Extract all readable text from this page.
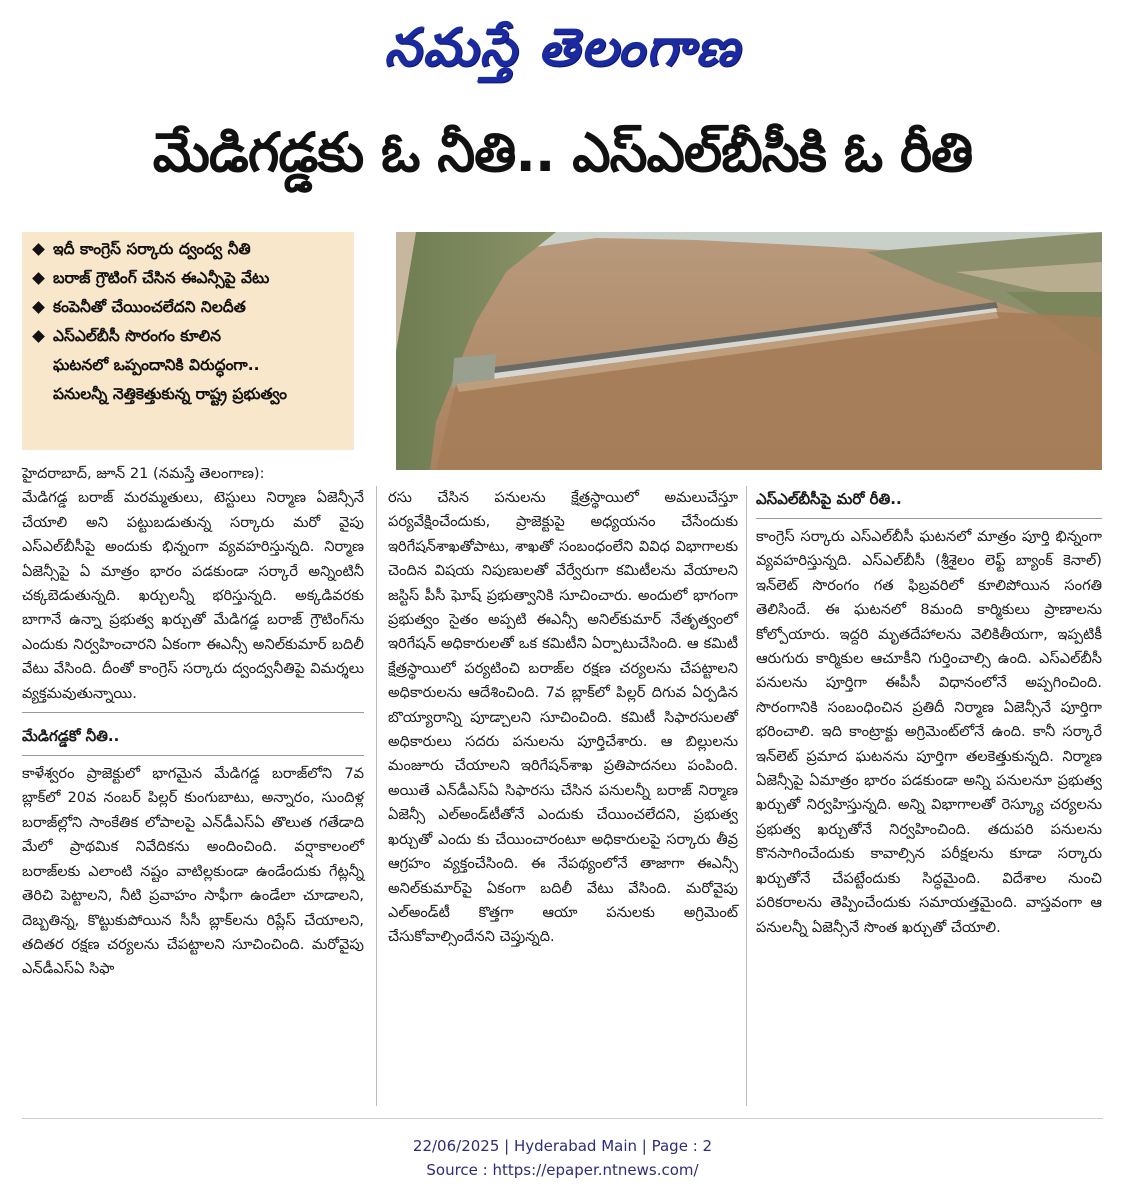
నమస్తే తెలంగాణ
మేడిగడ్డకు ఓ నీతి.. ఎస్ఎల్‌బీసీకి ఓ రీతి
ఇదీ కాంగ్రెస్‌ సర్కారు ద్వంద్వ నీతి
బరాజ్‌ గ్రౌటింగ్‌ చేసిన ఈఎన్సీపై వేటు
కంపెనీతో చేయించలేదని నిలదీత
ఎస్‌ఎల్‌బీసీ సొరంగం కూలిన
ఘటనలో ఒప్పందానికి విరుద్ధంగా..
పనులన్నీ నెత్తికెత్తుకున్న రాష్ట్ర ప్రభుత్వం

హైదరాబాద్‌, జూన్‌ 21 (నమస్తే తెలంగాణ):

మేడిగడ్డ బరాజ్‌ మరమ్మతులు, టెస్టులు నిర్మాణ ఏజెన్సీనే చేయాలి అని పట్టుబడుతున్న సర్కారు మరో వైపు ఎస్‌ఎల్‌బీసీపై అందుకు భిన్నంగా వ్యవహరిస్తున్నది. నిర్మాణ ఏజెన్సీపై ఏ మాత్రం భారం పడకుండా సర్కారే అన్నింటినీ చక్కబెడుతున్నది. ఖర్చులన్నీ భరిస్తున్నది. అక్కడివరకు బాగానే ఉన్నా ప్రభుత్వ ఖర్చుతో మేడిగడ్డ బరాజ్‌ గ్రౌటింగ్‌ను ఎందుకు నిర్వహించారని ఏకంగా ఈఎన్సీ అనిల్‌కుమార్‌ బదిలీ వేటు వేసింది. దీంతో కాంగ్రెస్‌ సర్కారు ద్వంద్వనీతిపై విమర్శలు వ్యక్తమవుతున్నాయి.

మేడిగడ్డకో నీతి..

కాళేశ్వరం ప్రాజెక్టులో భాగమైన మేడిగడ్డ బరాజ్‌లోని 7వ బ్లాక్‌లో 20వ నంబర్‌ పిల్లర్‌ కుంగుబాటు, అన్నారం, సుందిళ్ల బరాజ్‌ల్లోని సాంకేతిక లోపాలపై ఎన్‌డీఎస్‌ఏ తొలుత గతేడాది మేలో ప్రాథమిక నివేదికను అందించింది. వర్షాకాలంలో బరాజ్‌లకు ఎలాంటి నష్టం వాటిల్లకుండా ఉండేందుకు గేట్లన్నీ తెరిచి పెట్టాలని, నీటి ప్రవాహం సాఫీగా ఉండేలా చూడాలని, దెబ్బతిన్న, కొట్టుకుపోయిన సీసీ బ్లాక్‌లను రిప్లేస్‌ చేయాలని, తదితర రక్షణ చర్యలను చేపట్టాలని సూచించింది. మరోవైపు ఎన్‌డీఎస్‌ఏ సిఫా

రసు చేసిన పనులను క్షేత్రస్థాయిలో అమలుచేస్తూ పర్యవేక్షించేందుకు, ప్రాజెక్టుపై అధ్యయనం చేసేందుకు ఇరిగేషన్‌శాఖతోపాటు, శాఖతో సంబంధంలేని వివిధ విభాగాలకు చెందిన విషయ నిపుణులతో వేర్వేరుగా కమిటీలను వేయాలని జస్టిస్‌ పీసీ ఘోష్‌ ప్రభుత్వానికి సూచించారు. అందులో భాగంగా ప్రభుత్వం సైతం అప్పటి ఈఎన్సీ అనిల్‌కుమార్‌ నేతృత్వంలో ఇరిగేషన్‌ అధికారులతో ఒక కమిటీని ఏర్పాటుచేసింది. ఆ కమిటీ క్షేత్రస్థాయిలో పర్యటించి బరాజ్‌ల రక్షణ చర్యలను చేపట్టాలని అధికారులను ఆదేశించింది. 7వ బ్లాక్‌లో పిల్లర్‌ దిగువ ఏర్పడిన బొయ్యారాన్ని పూడ్చాలని సూచించింది. కమిటీ సిఫారసులతో అధికారులు సదరు పనులను పూర్తిచేశారు. ఆ బిల్లులను మంజూరు చేయాలని ఇరిగేషన్‌శాఖ ప్రతిపాదనలు పంపింది. అయితే ఎన్‌డీఎస్‌ఏ సిఫారసు చేసిన పనులన్నీ బరాజ్‌ నిర్మాణ ఏజెన్సీ ఎల్‌అండ్‌టీతోనే ఎందుకు చేయించలేదని, ప్రభుత్వ ఖర్చుతో ఎందు కు చేయించారంటూ అధికారులపై సర్కారు తీవ్ర ఆగ్రహం వ్యక్తంచేసింది. ఈ నేపథ్యంలోనే తాజాగా ఈఎన్సీ అనిల్‌కుమార్‌పై ఏకంగా బదిలీ వేటు వేసింది. మరోవైపు ఎల్‌అండ్‌టీ కొత్తగా ఆయా పనులకు అగ్రిమెంట్‌ చేసుకోవాల్సిందేనని చెప్తున్నది.

ఎస్‌ఎల్‌బీసీపై మరో రీతి..

కాంగ్రెస్‌ సర్కారు ఎస్‌ఎల్‌బీసీ ఘటనలో మాత్రం పూర్తి భిన్నంగా వ్యవహరిస్తున్నది. ఎస్‌ఎల్‌బీసీ (శ్రీశైలం లెఫ్ట్‌ బ్యాంక్‌ కెనాల్‌) ఇన్‌లెట్‌ సొరంగం గత ఫిబ్రవరిలో కూలిపోయిన సంగతి తెలిసిందే. ఈ ఘటనలో 8మంది కార్మికులు ప్రాణాలను కోల్పోయారు. ఇద్దరి మృతదేహాలను వెలికితీయగా, ఇప్పటికీ ఆరుగురు కార్మికుల ఆచూకీని గుర్తించాల్సి ఉంది. ఎస్‌ఎల్‌బీసీ పనులను పూర్తిగా ఈపీసీ విధానంలోనే అప్పగించింది. సొరంగానికి సంబంధించిన ప్రతిదీ నిర్మాణ ఏజెన్సీనే పూర్తిగా భరించాలి. ఇది కాంట్రాక్టు అగ్రిమెంట్‌లోనే ఉంది. కానీ సర్కారే ఇన్‌లెట్‌ ప్రమాద ఘటనను పూర్తిగా తలకెత్తుకున్నది. నిర్మాణ ఏజెన్సీపై ఏమాత్రం భారం పడకుండా అన్ని పనులనూ ప్రభుత్వ ఖర్చుతో నిర్వహిస్తున్నది. అన్ని విభాగాలతో రెస్క్యూ చర్యలను ప్రభుత్వ ఖర్చుతోనే నిర్వహించింది. తదుపరి పనులను కొనసాగించేందుకు కావాల్సిన పరీక్షలను కూడా సర్కారు ఖర్చుతోనే చేపట్టేందుకు సిద్ధమైంది. విదేశాల నుంచి పరికరాలను తెప్పించేందుకు సమాయత్తమైంది. వాస్తవంగా ఆ పనులన్నీ ఏజెన్సీనే సొంత ఖర్చుతో చేయాలి.

22/06/2025 | Hyderabad Main | Page : 2
Source : https://epaper.ntnews.com/
